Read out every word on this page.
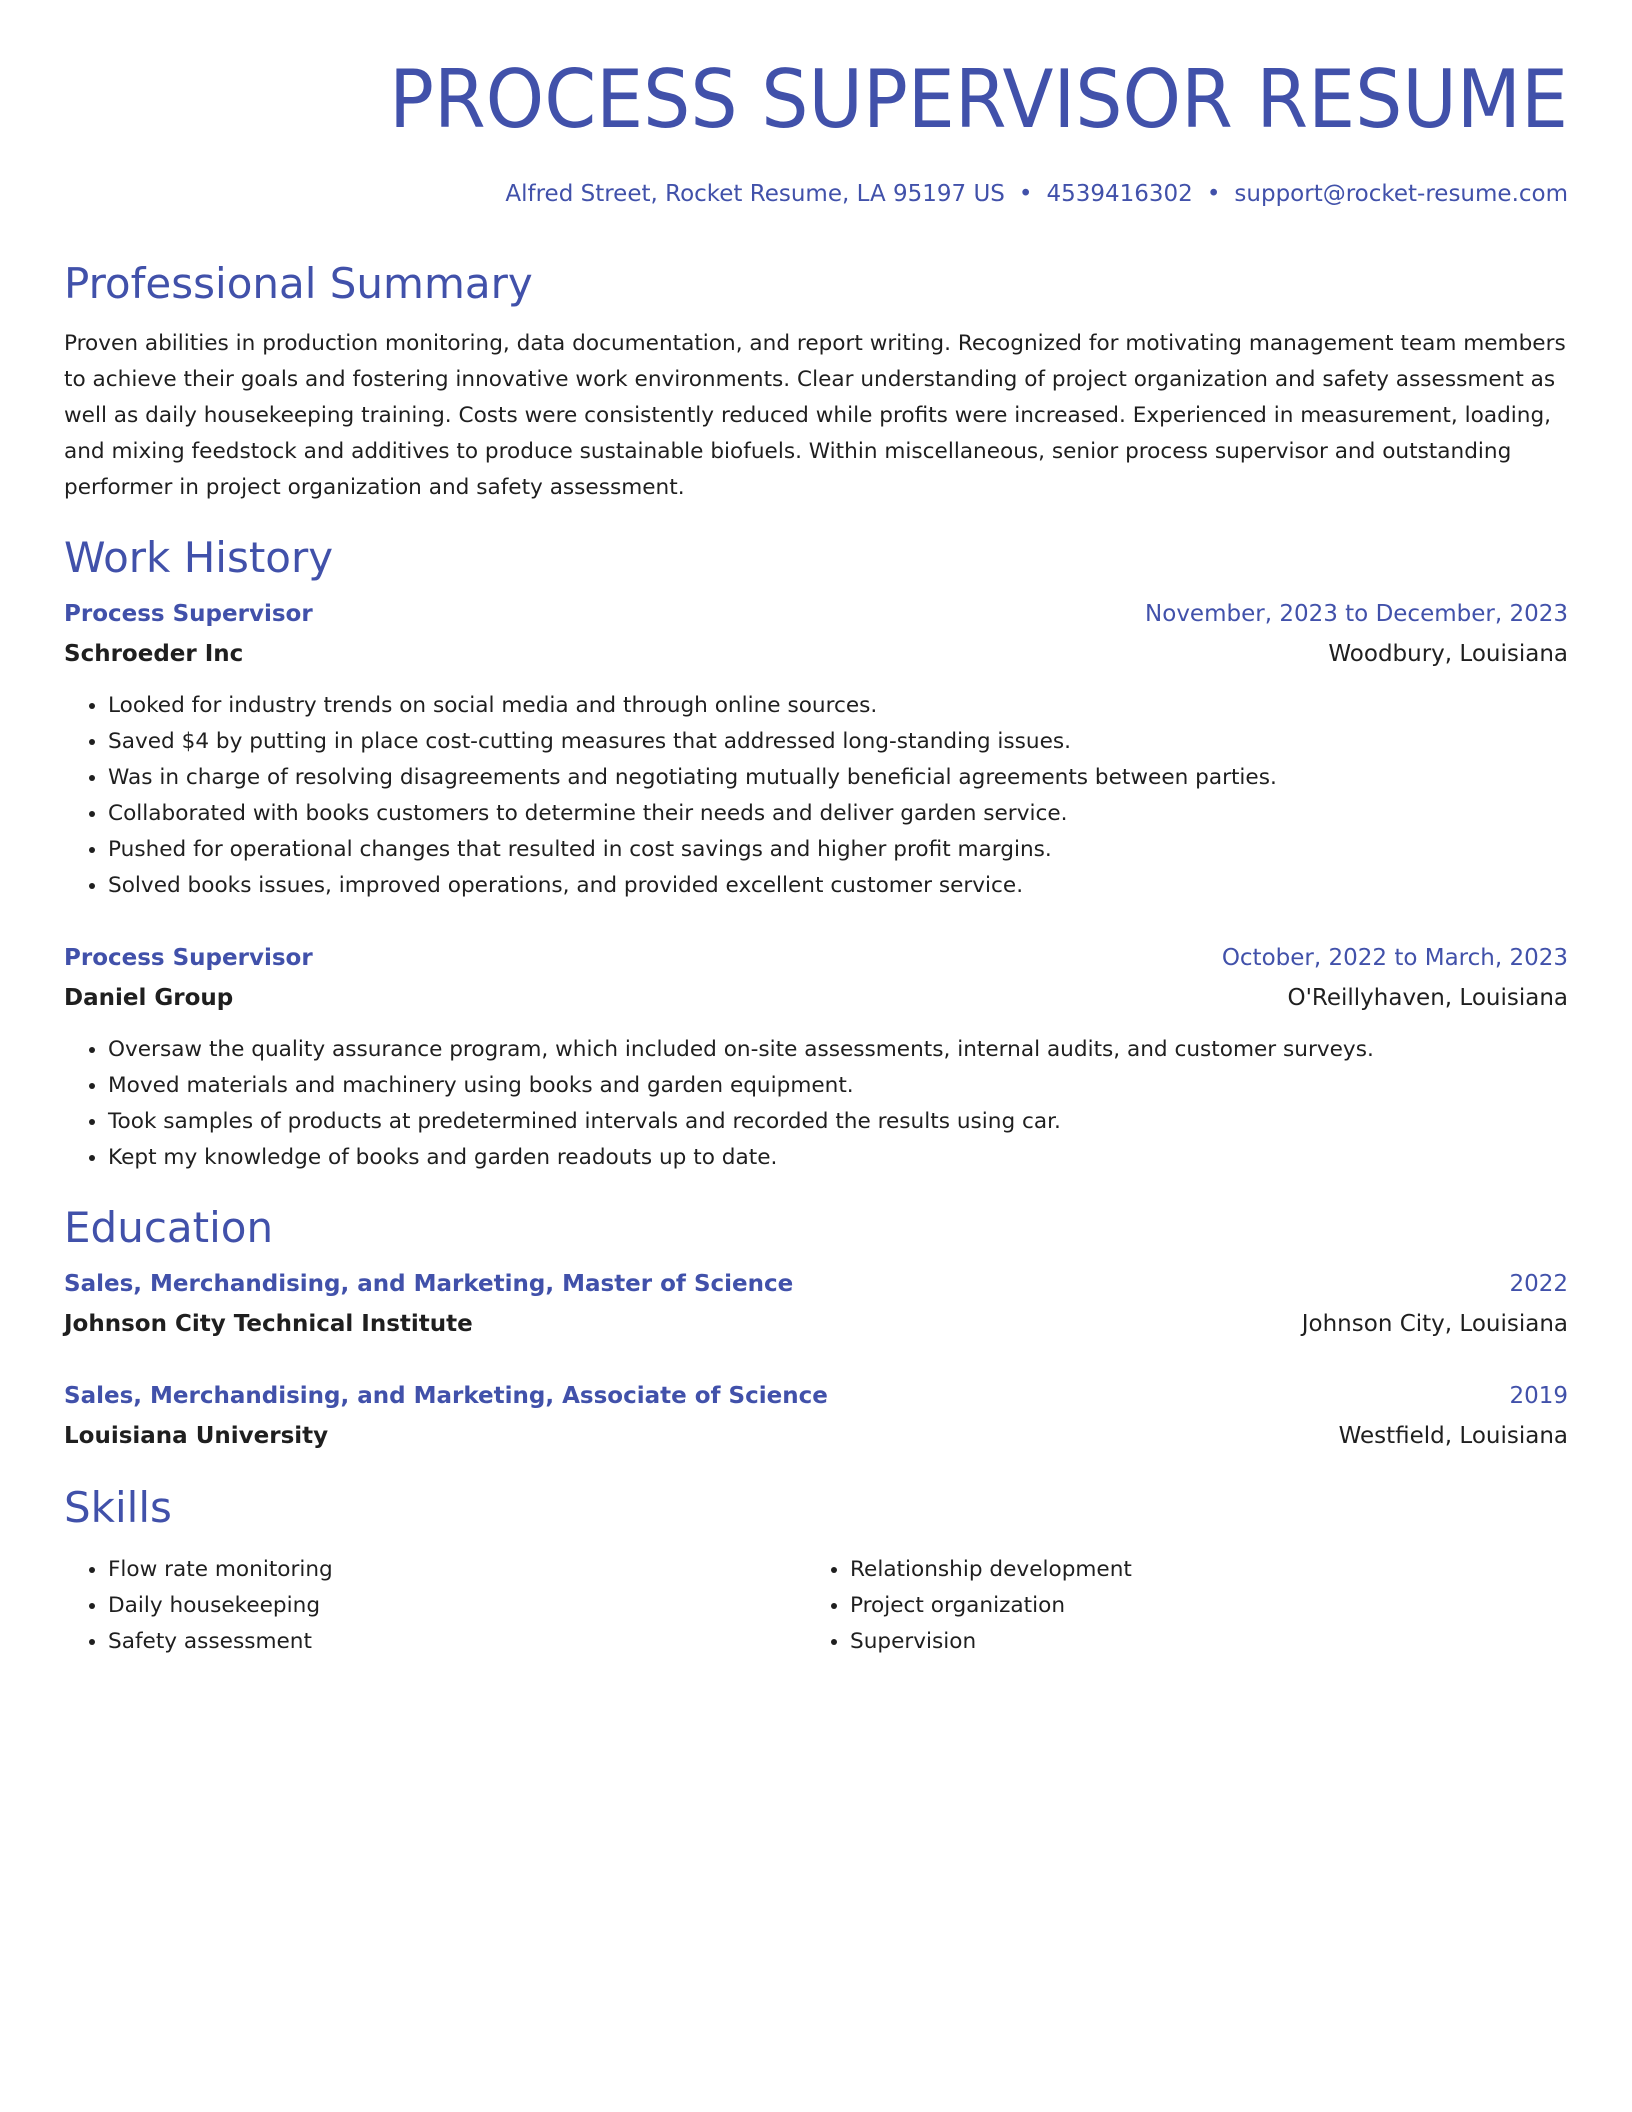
PROCESS SUPERVISOR RESUME
Alfred Street, Rocket Resume, LA 95197 US • 4539416302 • support@rocket-resume.com
Professional Summary

Proven abilities in production monitoring, data documentation, and report writing. Recognized for motivating management team members to achieve their goals and fostering innovative work environments. Clear understanding of project organization and safety assessment as well as daily housekeeping training. Costs were consistently reduced while profits were increased. Experienced in measurement, loading, and mixing feedstock and additives to produce sustainable biofuels. Within miscellaneous, senior process supervisor and outstanding performer in project organization and safety assessment.

Work History
Process Supervisor	November, 2023 to December, 2023
Schroeder Inc	Woodbury, Louisiana
• Looked for industry trends on social media and through online sources.
• Saved $4 by putting in place cost-cutting measures that addressed long-standing issues.
• Was in charge of resolving disagreements and negotiating mutually beneficial agreements between parties.
• Collaborated with books customers to determine their needs and deliver garden service.
• Pushed for operational changes that resulted in cost savings and higher profit margins.
• Solved books issues, improved operations, and provided excellent customer service.
Process Supervisor	October, 2022 to March, 2023
Daniel Group	O'Reillyhaven, Louisiana
• Oversaw the quality assurance program, which included on-site assessments, internal audits, and customer surveys.
• Moved materials and machinery using books and garden equipment.
• Took samples of products at predetermined intervals and recorded the results using car.
• Kept my knowledge of books and garden readouts up to date.
Education
Sales, Merchandising, and Marketing, Master of Science	2022
Johnson City Technical Institute	Johnson City, Louisiana
Sales, Merchandising, and Marketing, Associate of Science	2019
Louisiana University	Westfield, Louisiana
Skills
• Flow rate monitoring
• Daily housekeeping
• Safety assessment
• Relationship development
• Project organization
• Supervision
